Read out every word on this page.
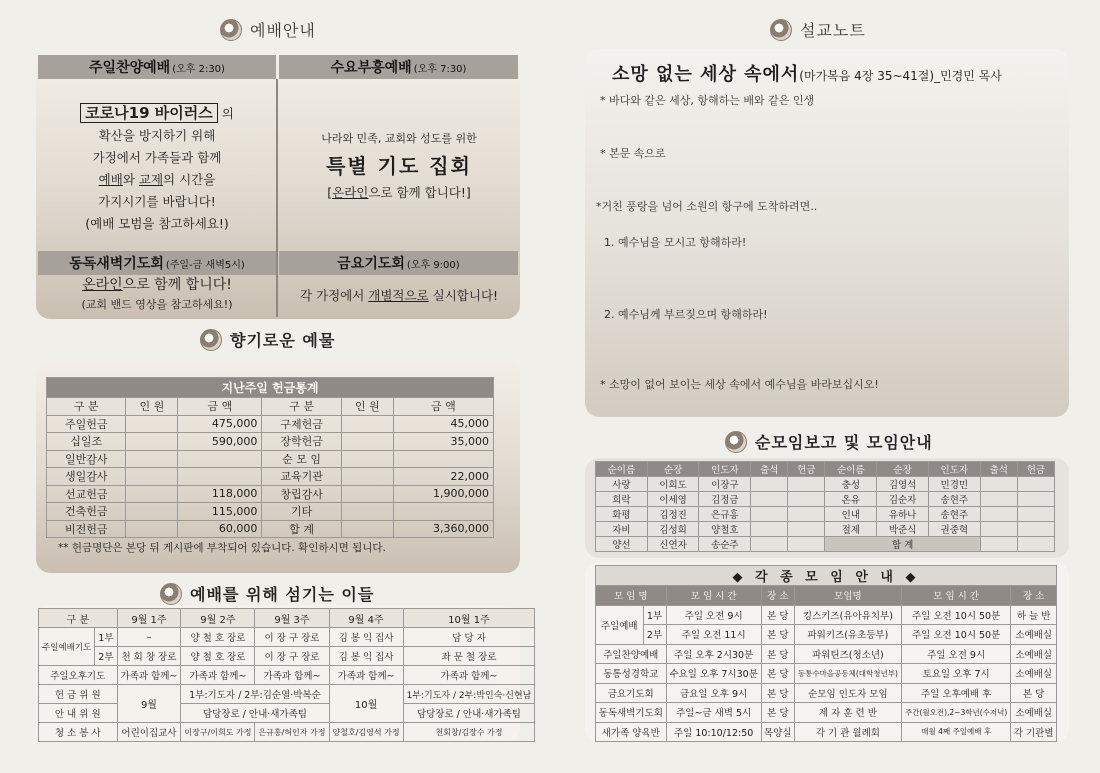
예배안내
주일찬양예배 (오후 2:30)	수요부흥예배 (오후 7:30)
코로나19 바이러스 의
확산을 방지하기 위해
가정에서 가족들과 함께
예배와 교제의 시간을
가지시기를 바랍니다!
(예배 모범을 참고하세요!)
나라와 민족, 교회와 성도를 위한
특별 기도 집회
[온라인으로 함께 합니다!]
동독새벽기도회 (주일-금 새벽5시)	금요기도회 (오후 9:00)
온라인으로 함께 합니다!
(교회 밴드 영상을 참고하세요!)
각 가정에서 개별적으로 실시합니다!
향기로운 예물
지난주일 헌금통계					
구 분	인 원	금 액	구 분	인 원	금 액
주일헌금		475,000	구제헌금		45,000
십일조		590,000	장학헌금		35,000
일반감사			순 모 임		
생일감사			교육기관		22,000
선교헌금		118,000	창립감사		1,900,000
건축헌금		115,000	기타		
비전헌금		60,000	합 계		3,360,000
** 헌금명단은 본당 뒤 게시판에 부착되어 있습니다. 확인하시면 됩니다.
예배를 위해 섬기는 이들
구 분		9월 1주	9월 2주	9월 3주	9월 4주	10월 1주
주일예배기도	1부	–	양 철 호 장로	이 장 구 장로	김 봉 익 집사	담 당 자
	2부	천 회 창 장로	양 철 호 장로	이 장 구 장로	김 봉 익 집사	좌 문 철 장로
주일오후기도		가족과 함께~	가족과 함께~	가족과 함께~	가족과 함께~	가족과 함께~
헌 금 위 원		9월	1부:기도자 / 2부:김순열·박복순		10월	1부:기도자 / 2부:박인숙·신현남
안 내 위 원			담당장로 / 안내·새가족팀			담당장로 / 안내·새가족팀
청 소 봉 사		어린이집교사	이장구/이희도 가정	은규홍/허인자 가정	양철호/김영석 가정	천회창/김장수 가정
설교노트
소망 없는 세상 속에서(마가복음 4장 35~41절)_민경민 목사
* 바다와 같은 세상, 항해하는 배와 같은 인생
* 본문 속으로
*거친 풍랑을 넘어 소원의 항구에 도착하려면..
1. 예수님을 모시고 항해하라!
2. 예수님께 부르짖으며 항해하라!
* 소망이 없어 보이는 세상 속에서 예수님을 바라보십시오!
순모임보고 및 모임안내
순이름	순장	인도자	출석	헌금	순이름	순장	인도자	출석	헌금
사랑	이희도	이장구			충성	김영석	민경민		
희락	이세영	김정금			온유	김순자	송현주		
화평	김정진	은규홍			인내	유하나	송현주		
자비	김성희	양철호			절제	박준식	권중혁		
양선	신연자	송순주			합 계				
◆ 각 종 모 임 안 내 ◆						
모 임 명		모 임 시 간	장 소	모임명	모 임 시 간	장 소
주일예배	1부	주일 오전 9시	본 당	킹스키즈(유아유치부)	주일 오전 10시 50분	하 늘 반
	2부	주일 오전 11시	본 당	파워키즈(유초등부)	주일 오전 10시 50분	소예배실
주일찬양예배		주일 오후 2시30분	본 당	파워틴즈(청소년)	주일 오전 9시	소예배실
동통성경학교		수요일 오후 7시30분	본 당	동통수마을공동체(대학청년부)	토요일 오후 7시	소예배실
금요기도회		금요일 오후 9시	본 당	순모임 인도자 모임	주일 오후예배 후	본 당
동독새벽기도회		주일~금 새벽 5시	본 당	제 자 훈 련 반	주간(월오전),2~3학년(수저녁)	소예배실
새가족 양육반		주일 10:10/12:50	목양실	각 기 관 월례회	매월 4째 주일예배 후	각 기관별
